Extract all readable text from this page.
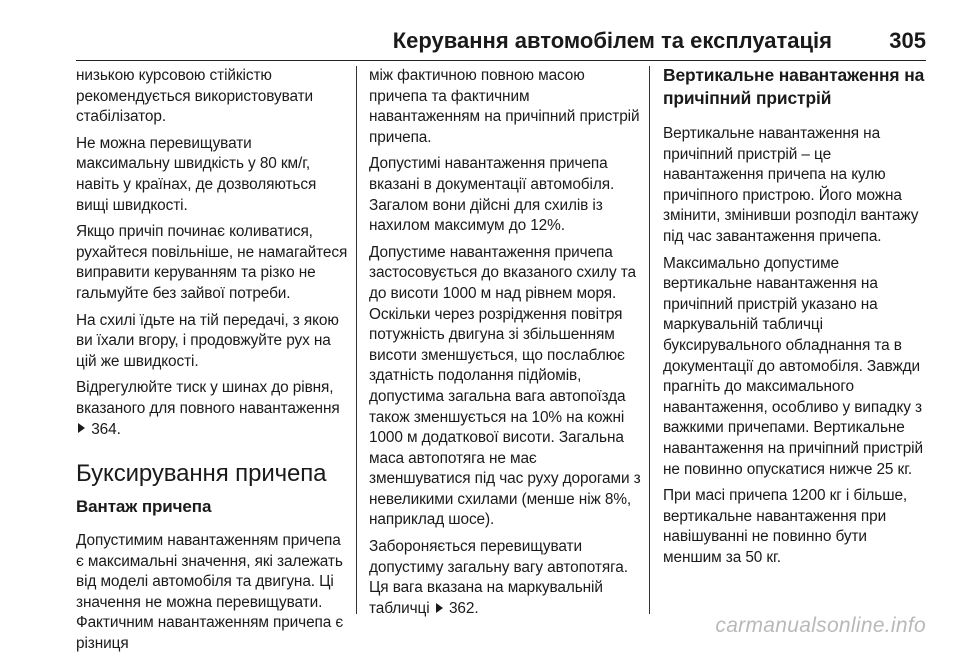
Керування автомобілем та експлуатація	305

низькою курсовою стійкістю рекомендується використовувати стабілізатор.

Не можна перевищувати максимальну швидкість у 80 км/г, навіть у країнах, де дозволяються вищі швидкості.

Якщо причіп починає коливатися, рухайтеся повільніше, не намагайтеся виправити керуванням та різко не гальмуйте без зайвої потреби.

На схилі їдьте на тій передачі, з якою ви їхали вгору, і продовжуйте рух на цій же швидкості.

Відрегулюйте тиск у шинах до рівня, вказаного для повного навантаження  364.

Буксирування причепа
Вантаж причепа

Допустимим навантаженням причепа є максимальні значення, які залежать від моделі автомобіля та двигуна. Ці значення не можна перевищувати. Фактичним навантаженням причепа є різниця

між фактичною повною масою причепа та фактичним навантаженням на причіпний пристрій причепа.

Допустимі навантаження причепа вказані в документації автомобіля. Загалом вони дійсні для схилів із нахилом максимум до 12%.

Допустиме навантаження причепа застосовується до вказаного схилу та до висоти 1000 м над рівнем моря. Оскільки через розрідження повітря потужність двигуна зі збільшенням висоти зменшується, що послаблює здатність подолання підйомів, допустима загальна вага автопоїзда також зменшується на 10% на кожні 1000 м додаткової висоти. Загальна маса автопотяга не має зменшуватися під час руху дорогами з невеликими схилами (менше ніж 8%, наприклад шосе).

Забороняється перевищувати допустиму загальну вагу автопотяга. Ця вага вказана на маркувальній табличці 362.

Вертикальне навантаження на причіпний пристрій

Вертикальне навантаження на причіпний пристрій – це навантаження причепа на кулю причіпного пристрою. Його можна змінити, змінивши розподіл вантажу під час завантаження причепа.

Максимально допустиме вертикальне навантаження на причіпний пристрій указано на маркувальній табличці буксирувального обладнання та в документації до автомобіля. Завжди прагніть до максимального навантаження, особливо у випадку з важкими причепами. Вертикальне навантаження на причіпний пристрій не повинно опускатися нижче 25 кг.

При масі причепа 1200 кг і більше, вертикальне навантаження при навішуванні не повинно бути меншим за 50 кг.

carmanualsonline.info
